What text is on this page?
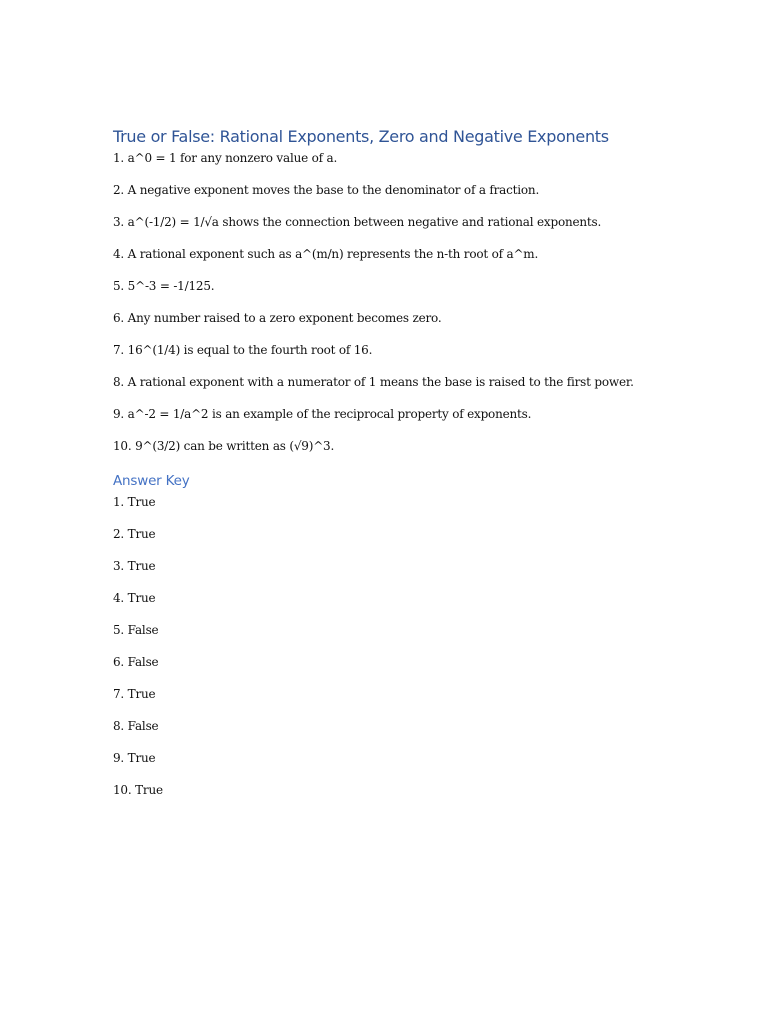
True or False: Rational Exponents, Zero and Negative Exponents
1. a^0 = 1 for any nonzero value of a.
2. A negative exponent moves the base to the denominator of a fraction.
3. a^(-1/2) = 1/√a shows the connection between negative and rational exponents.
4. A rational exponent such as a^(m/n) represents the n-th root of a^m.
5. 5^-3 = -1/125.
6. Any number raised to a zero exponent becomes zero.
7. 16^(1/4) is equal to the fourth root of 16.
8. A rational exponent with a numerator of 1 means the base is raised to the first power.
9. a^-2 = 1/a^2 is an example of the reciprocal property of exponents.
10. 9^(3/2) can be written as (√9)^3.
Answer Key
1. True
2. True
3. True
4. True
5. False
6. False
7. True
8. False
9. True
10. True
